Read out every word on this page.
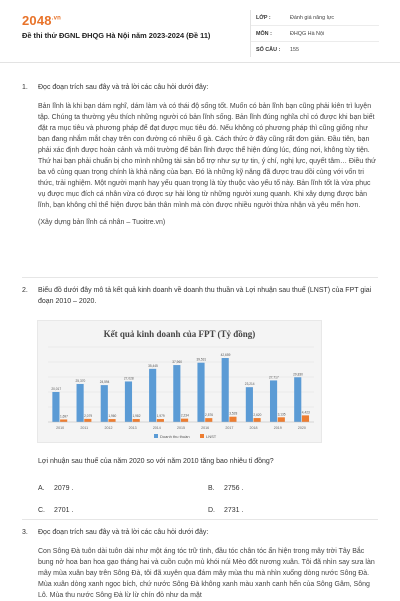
$2048^{.vn}$
Đề thi thử ĐGNL ĐHQG Hà Nội năm 2023-2024 (Đề 11)
LỚP :	Đánh giá năng lực
MÔN :	ĐHQG Hà Nội
SỐ CÂU :	155
1. Đọc đoạn trích sau đây và trả lời các câu hỏi dưới đây:
Bản lĩnh là khi bạn dám nghĩ, dám làm và có thái độ sống tốt. Muốn có bản lĩnh bạn cũng phải kiên trì luyện tập. Chúng ta thường yêu thích những người có bản lĩnh sống. Bản lĩnh đúng nghĩa chỉ có được khi bạn biết đặt ra mục tiêu và phương pháp để đạt được mục tiêu đó. Nếu không có phương pháp thì cũng giống như bạn đang nhắm mắt chạy trên con đường có nhiều ổ gà. Cách thức ở đây cũng rất đơn giản. Đầu tiên, bạn phải xác định được hoàn cảnh và môi trường để bản lĩnh được thể hiện đúng lúc, đúng nơi, không tùy tiện. Thứ hai bạn phải chuẩn bị cho mình những tài sản bổ trợ như sự tự tin, ý chí, nghị lực, quyết tâm… Điều thứ ba vô cùng quan trọng chính là khả năng của bạn. Đó là những kỹ năng đã được trau dồi cùng với vốn tri thức, trải nghiệm. Một người mạnh hay yếu quan trọng là tùy thuộc vào yếu tố này. Bản lĩnh tốt là vừa phục vụ được mục đích cá nhân vừa có được sự hài lòng từ những người xung quanh. Khi xây dựng được bản lĩnh, bạn không chỉ thể hiện được bản thân mình mà còn được nhiều người thừa nhận và yêu mến hơn.
(Xây dựng bản lĩnh cá nhân – Tuoitre.vn)
2. Biểu đồ dưới đây mô tả kết quả kinh doanh về doanh thu thuần và Lợi nhuận sau thuế (LNST) của FPT giai đoạn 2010 – 2020.
Kết quả kinh doanh của FPT (Tỷ đồng)
20,017
1,697
25,370
2,079
24,594
1,960
27,028
1,982
35,445
1,979
37,960
2,234
39,531
2,576
42,659
3,528
23,214
2,620
27,717
3,135
29,830
4,423
2010	2011	2012	2013	2014	2015	2016	2017	2018	2019	2020
Doanh thu thuần	LNST
Lợi nhuận sau thuế của năm 2020 so với năm 2010 tăng bao nhiêu tỉ đồng?
A. 2079 .	B. 2756 .
C. 2701 .	D. 2731 .
3. Đọc đoạn trích sau đây và trả lời các câu hỏi dưới đây:
Con Sông Đà tuôn dài tuôn dài như một áng tóc trữ tình, đầu tóc chân tóc ẩn hiện trong mây trời Tây Bắc bung nở hoa ban hoa gạo tháng hai và cuồn cuộn mù khói núi Mèo đốt nương xuân. Tôi đã nhìn say sưa làn mây mùa xuân bay trên Sông Đà, tôi đã xuyên qua đám mây mùa thu mà nhìn xuống dòng nước Sông Đà. Mùa xuân dòng xanh ngọc bích, chứ nước Sông Đà không xanh màu xanh canh hến của Sông Gâm, Sông Lô. Mùa thu nước Sông Đà lừ lừ chín đỏ như da mặt
